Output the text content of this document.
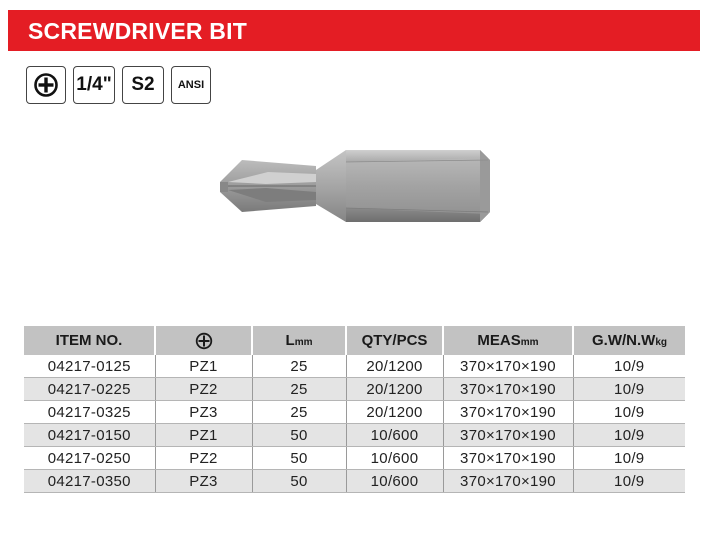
SCREWDRIVER BIT
1/4"	S2	ANSI
ITEM NO.		Lmm	QTY/PCS	MEASmm	G.W/N.Wkg
04217-0125	PZ1	25	20/1200	370×170×190	10/9
04217-0225	PZ2	25	20/1200	370×170×190	10/9
04217-0325	PZ3	25	20/1200	370×170×190	10/9
04217-0150	PZ1	50	10/600	370×170×190	10/9
04217-0250	PZ2	50	10/600	370×170×190	10/9
04217-0350	PZ3	50	10/600	370×170×190	10/9
